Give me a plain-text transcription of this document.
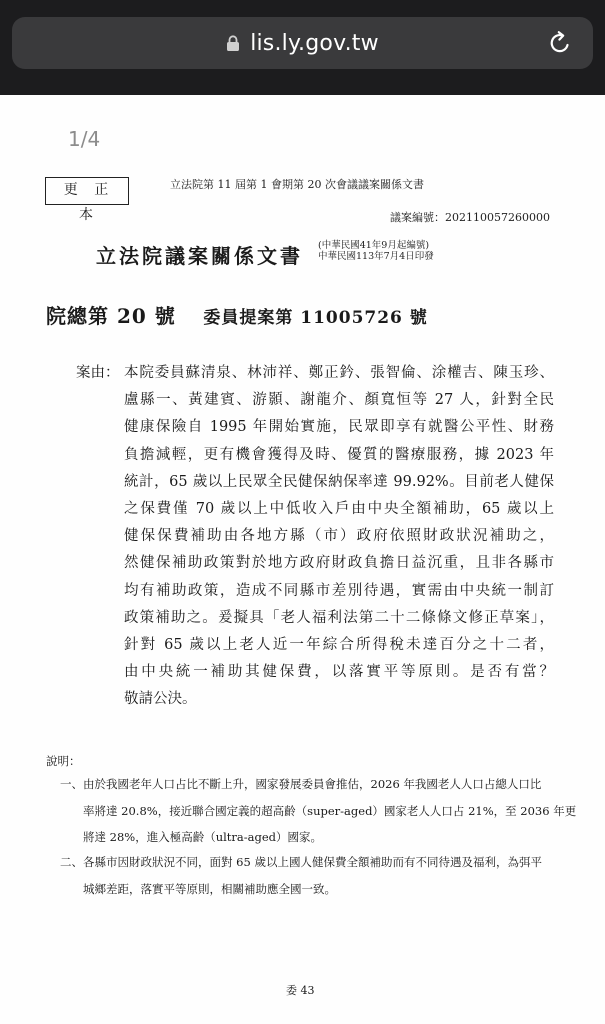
lis.ly.gov.tw
1/4
更 正 本
立法院第 11 屆第 1 會期第 20 次會議議案關係文書
議案編號：202110057260000
立法院議案關係文書 (中華民國41年9月起編號)
中華民國113年7月4日印發
院總第 20 號 委員提案第 11005726 號
案由： 本院委員蘇清泉、林沛祥、鄭正鈐、張智倫、涂權吉、陳玉珍、
盧縣一、黃建賓、游顥、謝龍介、顏寬恒等 27 人，針對全民
健康保險自 1995 年開始實施，民眾即享有就醫公平性、財務
負擔減輕，更有機會獲得及時、優質的醫療服務，據 2023 年
統計，65 歲以上民眾全民健保納保率達 99.92%。目前老人健保
之保費僅 70 歲以上中低收入戶由中央全額補助，65 歲以上
健保保費補助由各地方縣（市）政府依照財政狀況補助之，
然健保補助政策對於地方政府財政負擔日益沉重，且非各縣市
均有補助政策，造成不同縣市差別待遇，實需由中央統一制訂
政策補助之。爰擬具「老人福利法第二十二條條文修正草案」，
針對 65 歲以上老人近一年綜合所得稅未達百分之十二者，
由中央統一補助其健保費，以落實平等原則。是否有當？
敬請公決。
說明：
一、由於我國老年人口占比不斷上升，國家發展委員會推估，2026 年我國老人人口占總人口比
　　率將達 20.8%，接近聯合國定義的超高齡（super-aged）國家老人人口占 21%，至 2036 年更
　　將達 28%，進入極高齡（ultra-aged）國家。
二、各縣市因財政狀況不同，面對 65 歲以上國人健保費全額補助而有不同待遇及福利，為弭平
　　城鄉差距，落實平等原則，相關補助應全國一致。
委 43
